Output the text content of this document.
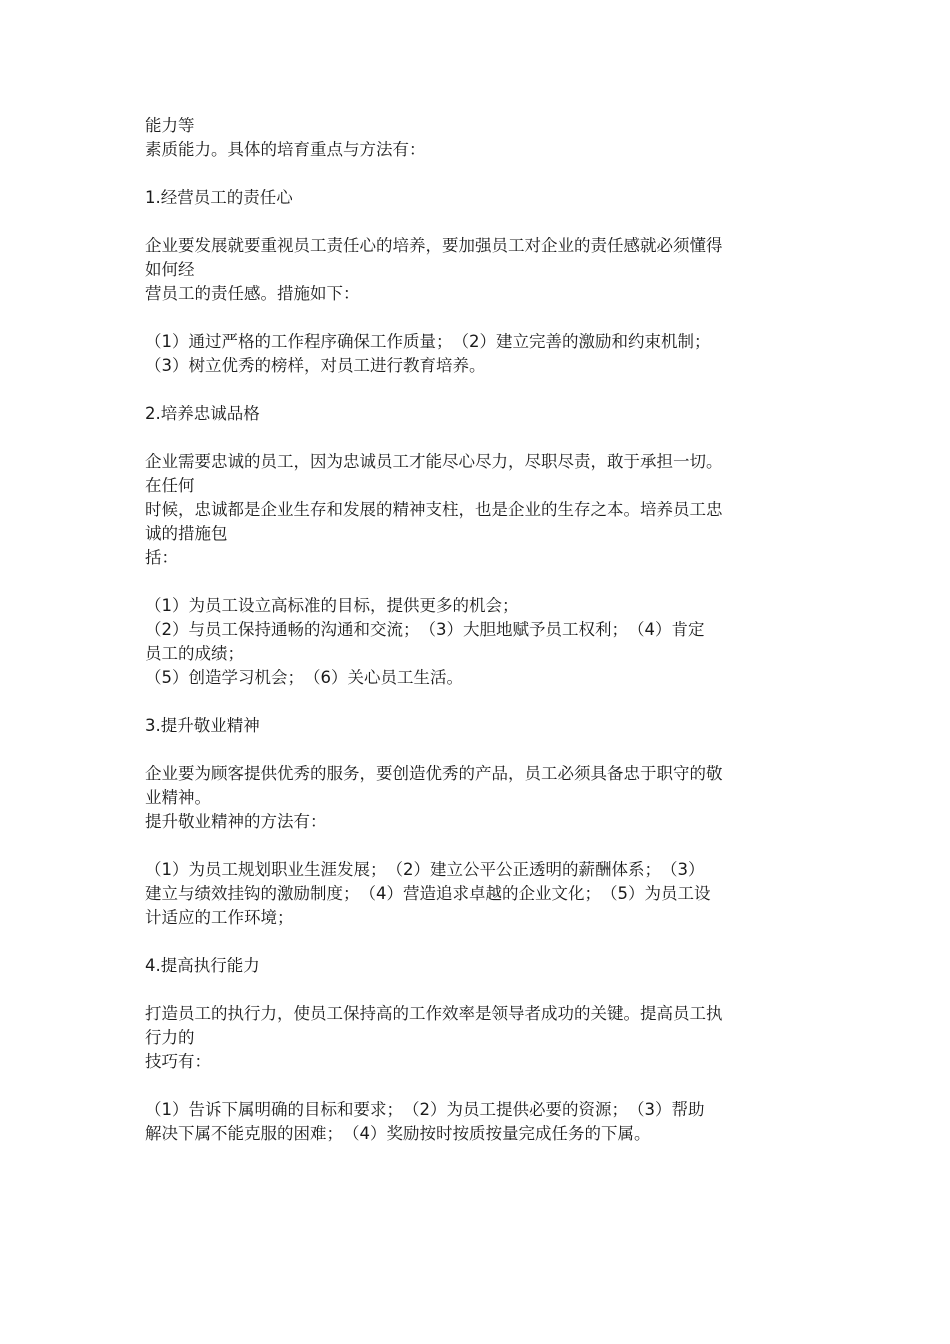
能力等
素质能力。具体的培育重点与方法有：
1.经营员工的责任心
企业要发展就要重视员工责任心的培养，要加强员工对企业的责任感就必须懂得
如何经
营员工的责任感。措施如下：
（1）通过严格的工作程序确保工作质量；　（2）建立完善的激励和约束机制；
（3）树立优秀的榜样，对员工进行教育培养。
2.培养忠诚品格
企业需要忠诚的员工，因为忠诚员工才能尽心尽力，尽职尽责，敢于承担一切。
在任何
时候，忠诚都是企业生存和发展的精神支柱，也是企业的生存之本。培养员工忠
诚的措施包
括：
（1）为员工设立高标准的目标，提供更多的机会；
（2）与员工保持通畅的沟通和交流；　（3）大胆地赋予员工权利；　（4）肯定
员工的成绩；
（5）创造学习机会；　（6）关心员工生活。
3.提升敬业精神
企业要为顾客提供优秀的服务，要创造优秀的产品，员工必须具备忠于职守的敬
业精神。
提升敬业精神的方法有：
（1）为员工规划职业生涯发展；　（2）建立公平公正透明的薪酬体系；　（3）
建立与绩效挂钩的激励制度；　（4）营造追求卓越的企业文化；　（5）为员工设
计适应的工作环境；
4.提高执行能力
打造员工的执行力，使员工保持高的工作效率是领导者成功的关键。提高员工执
行力的
技巧有：
（1）告诉下属明确的目标和要求；　（2）为员工提供必要的资源；　（3）帮助
解决下属不能克服的困难；　（4）奖励按时按质按量完成任务的下属。
